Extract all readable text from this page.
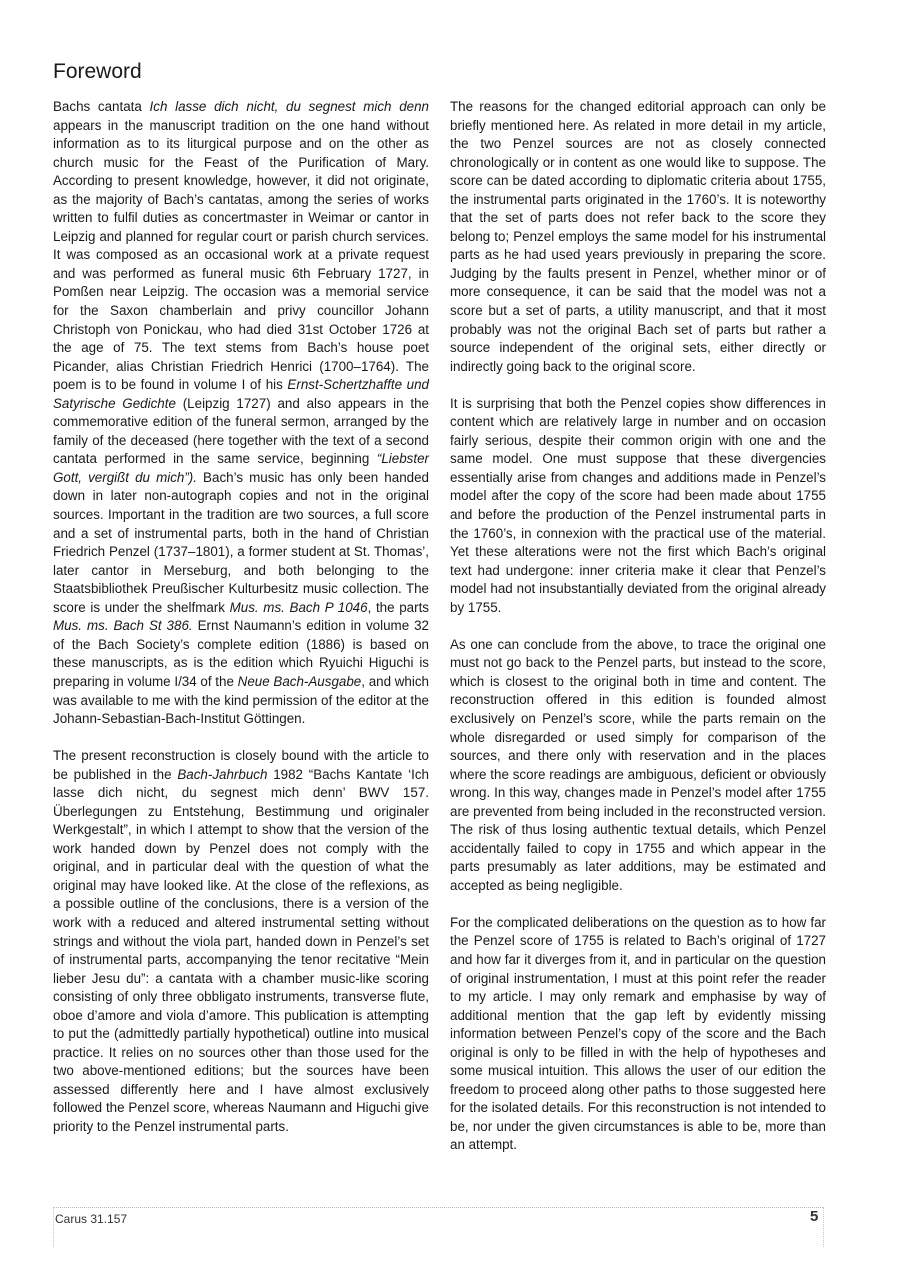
Foreword

Bachs cantata Ich lasse dich nicht, du segnest mich denn appears in the manuscript tradition on the one hand without information as to its liturgical purpose and on the other as church music for the Feast of the Purification of Mary. According to present knowledge, however, it did not originate, as the majority of Bach’s cantatas, among the series of works written to fulfil duties as concertmaster in Weimar or cantor in Leipzig and planned for regular court or parish church services. It was composed as an occasional work at a private request and was performed as funeral music 6th February 1727, in Pomßen near Leipzig. The occasion was a memorial service for the Saxon chamberlain and privy councillor Johann Christoph von Ponickau, who had died 31st October 1726 at the age of 75. The text stems from Bach’s house poet Picander, alias Christian Friedrich Henrici (1700–1764). The poem is to be found in volume I of his Ernst-Schertzhaffte und Satyrische Gedichte (Leipzig 1727) and also appears in the commemorative edition of the funeral sermon, arranged by the family of the deceased (here together with the text of a second cantata performed in the same service, beginning “Liebster Gott, vergißt du mich”). Bach’s music has only been handed down in later non-autograph copies and not in the original sources. Important in the tradition are two sources, a full score and a set of instrumental parts, both in the hand of Christian Friedrich Penzel (1737–1801), a former student at St. Thomas’, later cantor in Merseburg, and both belonging to the Staatsbibliothek Preußischer Kulturbesitz music collection. The score is under the shelfmark Mus. ms. Bach P 1046, the parts Mus. ms. Bach St 386. Ernst Naumann’s edition in volume 32 of the Bach Society’s complete edition (1886) is based on these manuscripts, as is the edition which Ryuichi Higuchi is preparing in volume I/34 of the Neue Bach-Ausgabe, and which was available to me with the kind permission of the editor at the Johann-Sebastian-Bach-Institut Göttingen.

The present reconstruction is closely bound with the article to be published in the Bach-Jahrbuch 1982 “Bachs Kantate ‘Ich lasse dich nicht, du segnest mich denn’ BWV 157. Überlegungen zu Entstehung, Bestimmung und originaler Werkgestalt”, in which I attempt to show that the version of the work handed down by Penzel does not comply with the original, and in particular deal with the question of what the original may have looked like. At the close of the reflexions, as a possible outline of the conclusions, there is a version of the work with a reduced and altered instrumental setting without strings and without the viola part, handed down in Penzel’s set of instrumental parts, accompanying the tenor recitative “Mein lieber Jesu du”: a cantata with a chamber music-like scoring consisting of only three obbligato instruments, transverse flute, oboe d’amore and viola d’amore. This publication is attempting to put the (admittedly partially hypothetical) outline into musical practice. It relies on no sources other than those used for the two above-mentioned editions; but the sources have been assessed differently here and I have almost exclusively followed the Penzel score, whereas Naumann and Higuchi give priority to the Penzel instrumental parts.

The reasons for the changed editorial approach can only be briefly mentioned here. As related in more detail in my article, the two Penzel sources are not as closely connected chronologically or in content as one would like to suppose. The score can be dated according to diplomatic criteria about 1755, the instrumental parts originated in the 1760’s. It is noteworthy that the set of parts does not refer back to the score they belong to; Penzel employs the same model for his instrumental parts as he had used years previously in preparing the score. Judging by the faults present in Penzel, whether minor or of more consequence, it can be said that the model was not a score but a set of parts, a utility manuscript, and that it most probably was not the original Bach set of parts but rather a source independent of the original sets, either directly or indirectly going back to the original score.

It is surprising that both the Penzel copies show differences in content which are relatively large in number and on occasion fairly serious, despite their common origin with one and the same model. One must suppose that these divergencies essentially arise from changes and additions made in Penzel’s model after the copy of the score had been made about 1755 and before the production of the Penzel instrumental parts in the 1760’s, in connexion with the practical use of the material. Yet these alterations were not the first which Bach’s original text had undergone: inner criteria make it clear that Penzel’s model had not insubstantially deviated from the original already by 1755.

As one can conclude from the above, to trace the original one must not go back to the Penzel parts, but instead to the score, which is closest to the original both in time and content. The reconstruction offered in this edition is founded almost exclusively on Penzel’s score, while the parts remain on the whole disregarded or used simply for comparison of the sources, and there only with reservation and in the places where the score readings are ambiguous, deficient or obviously wrong. In this way, changes made in Penzel’s model after 1755 are prevented from being included in the reconstructed version. The risk of thus losing authentic textual details, which Penzel accidentally failed to copy in 1755 and which appear in the parts presumably as later additions, may be estimated and accepted as being negligible.

For the complicated deliberations on the question as to how far the Penzel score of 1755 is related to Bach’s original of 1727 and how far it diverges from it, and in particular on the question of original instrumentation, I must at this point refer the reader to my article. I may only remark and emphasise by way of additional mention that the gap left by evidently missing information between Penzel’s copy of the score and the Bach original is only to be filled in with the help of hypotheses and some musical intuition. This allows the user of our edition the freedom to proceed along other paths to those suggested here for the isolated details. For this reconstruction is not intended to be, nor under the given circumstances is able to be, more than an attempt.

Carus 31.157	5
